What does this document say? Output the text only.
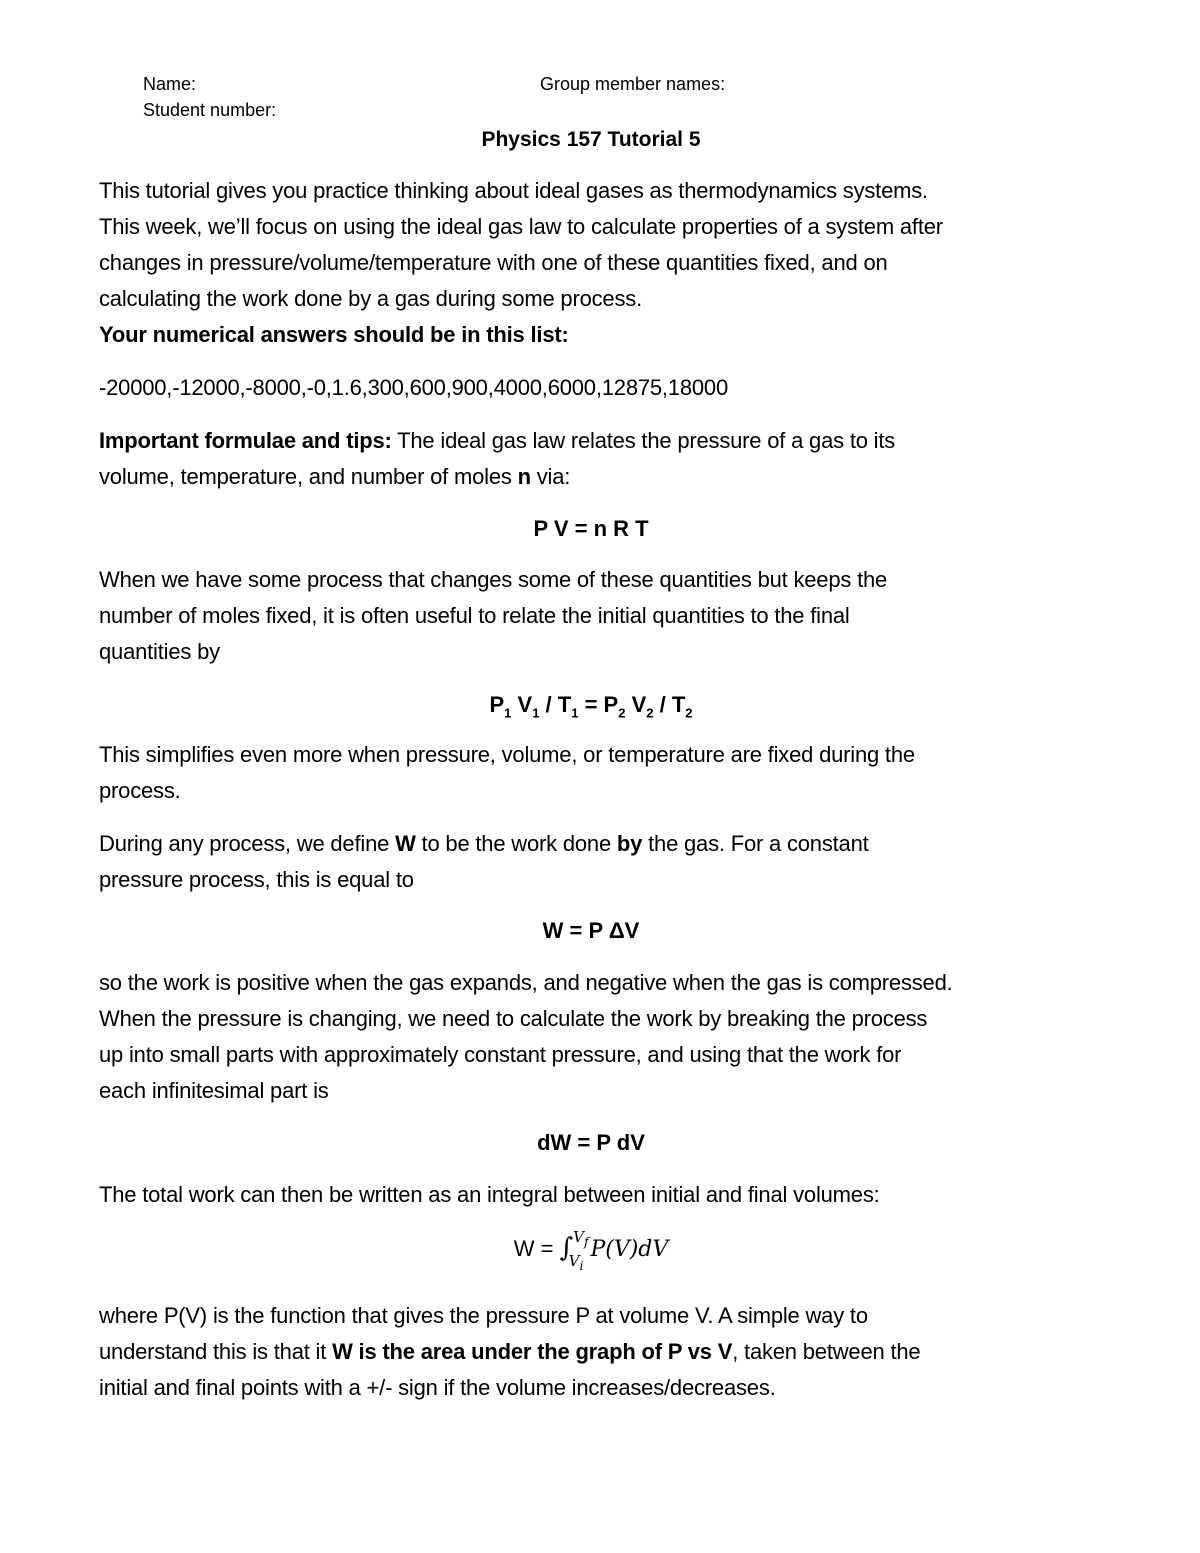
Name:	Group member names:
Student number:
Physics 157 Tutorial 5
This tutorial gives you practice thinking about ideal gases as thermodynamics systems.
This week, we’ll focus on using the ideal gas law to calculate properties of a system after
changes in pressure/volume/temperature with one of these quantities fixed, and on
calculating the work done by a gas during some process.
Your numerical answers should be in this list:
-20000,-12000,-8000,-0,1.6,300,600,900,4000,6000,12875,18000
Important formulae and tips: The ideal gas law relates the pressure of a gas to its
volume, temperature, and number of moles n via:
P V = n R T
When we have some process that changes some of these quantities but keeps the
number of moles fixed, it is often useful to relate the initial quantities to the final
quantities by
$P_1$ $V_1 / T_1 = P_2$ $V_2 / T_2$
This simplifies even more when pressure, volume, or temperature are fixed during the
process.
During any process, we define W to be the work done by the gas. For a constant
pressure process, this is equal to
W = P ΔV
so the work is positive when the gas expands, and negative when the gas is compressed.
When the pressure is changing, we need to calculate the work by breaking the process
up into small parts with approximately constant pressure, and using that the work for
each infinitesimal part is
dW = P dV
The total work can then be written as an integral between initial and final volumes:
W = ∫$^{V_f}_{V_i}$ P(V)dV
where P(V) is the function that gives the pressure P at volume V. A simple way to
understand this is that it W is the area under the graph of P vs V, taken between the
initial and final points with a +/- sign if the volume increases/decreases.
